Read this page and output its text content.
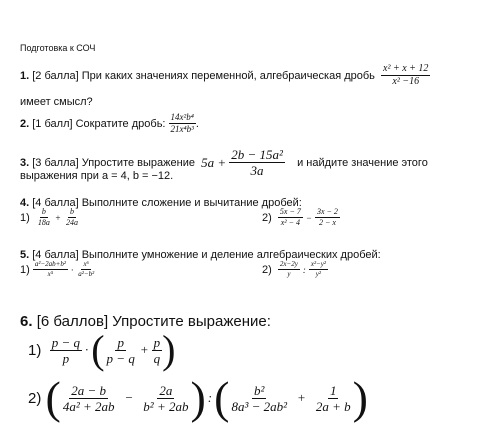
Подготовка к СОЧ
1.
[2 балла] При каких значениях переменной, алгебраическая дробь
$\frac{\text{x² + x + 12}}{\text{x² −16}}$
имеет смысл?
2.
[1 балл] Сократите дробь:
$\frac{\text{14x²b⁴}}{\text{21x⁴b³}}$ .
3.
[3 балла] Упростите выражение
5a +
$\frac{\text{2b − 15a²}}{3a}$
и найдите значение этого
выражения при a = 4, b = −12.
4. [4 балла] Выполните сложение и вычитание дробей:
1)
$\frac{b}{18a} + \frac{b}{24a}$	2)
$\frac{5x - 7}{\text{x² − 4}} - \frac{3x - 2}{2 - x}$
5. [4 балла] Выполните умножение и деление алгебраических дробей:
1)
$\frac{\text{a²−2ab+b²}}{\text{x⁵}} \cdot \frac{\text{x⁶}}{\text{a²−b²}}$	2)
$\frac{2x-2y}{y}$ : $\frac{\text{x²−y²}}{\text{y²}}$
6. [6 баллов] Упростите выражение:
1)
$\frac{p - q}{p}$ · ( $\frac{p}{p - q} + \frac{p}{q}$ )
2)
( $\frac{2a - b}{\text{4a² + 2ab}} - \frac{2a}{\text{b² + 2ab}}$ ) : ( $\frac{\text{b²}}{\text{8a³ − 2ab²}} + \frac{1}{2a + b}$ )
